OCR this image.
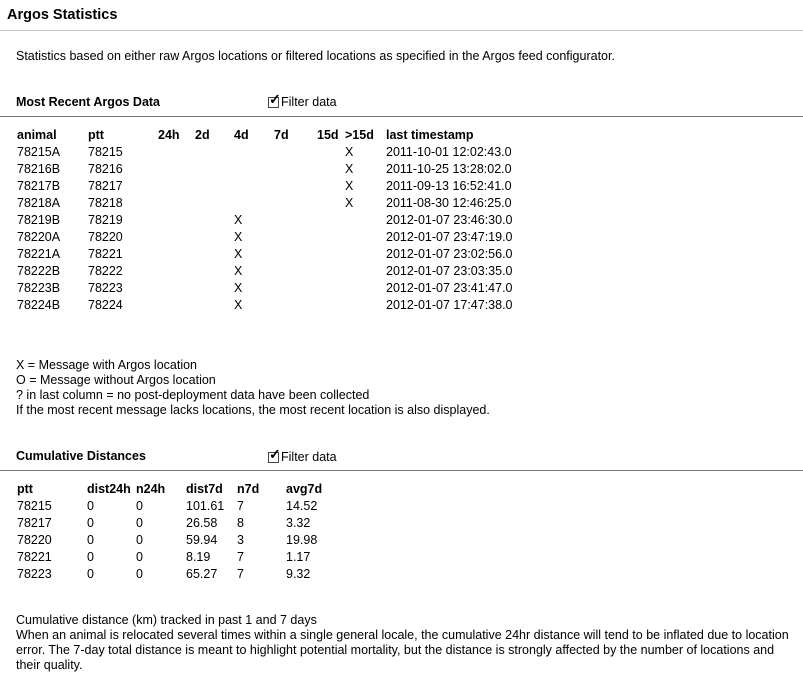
Argos Statistics
Statistics based on either raw Argos locations or filtered locations as specified in the Argos feed configurator.
Most Recent Argos Data	✓ Filter data
animal	ptt	24h	2d	4d	7d	15d	>15d	last timestamp
78215A	78215						X	2011-10-01 12:02:43.0
78216B	78216						X	2011-10-25 13:28:02.0
78217B	78217						X	2011-09-13 16:52:41.0
78218A	78218						X	2011-08-30 12:46:25.0
78219B	78219			X				2012-01-07 23:46:30.0
78220A	78220			X				2012-01-07 23:47:19.0
78221A	78221			X				2012-01-07 23:02:56.0
78222B	78222			X				2012-01-07 23:03:35.0
78223B	78223			X				2012-01-07 23:41:47.0
78224B	78224			X				2012-01-07 17:47:38.0
X = Message with Argos location
O = Message without Argos location
? in last column = no post-deployment data have been collected
If the most recent message lacks locations, the most recent location is also displayed.
Cumulative Distances	✓ Filter data
ptt	dist24h	n24h	dist7d	n7d	avg7d
78215	0	0	101.61	7	14.52
78217	0	0	26.58	8	3.32
78220	0	0	59.94	3	19.98
78221	0	0	8.19	7	1.17
78223	0	0	65.27	7	9.32
Cumulative distance (km) tracked in past 1 and 7 days
When an animal is relocated several times within a single general locale, the cumulative 24hr distance will tend to be inflated due to location error. The 7-day total distance is meant to highlight potential mortality, but the distance is strongly affected by the number of locations and their quality.
